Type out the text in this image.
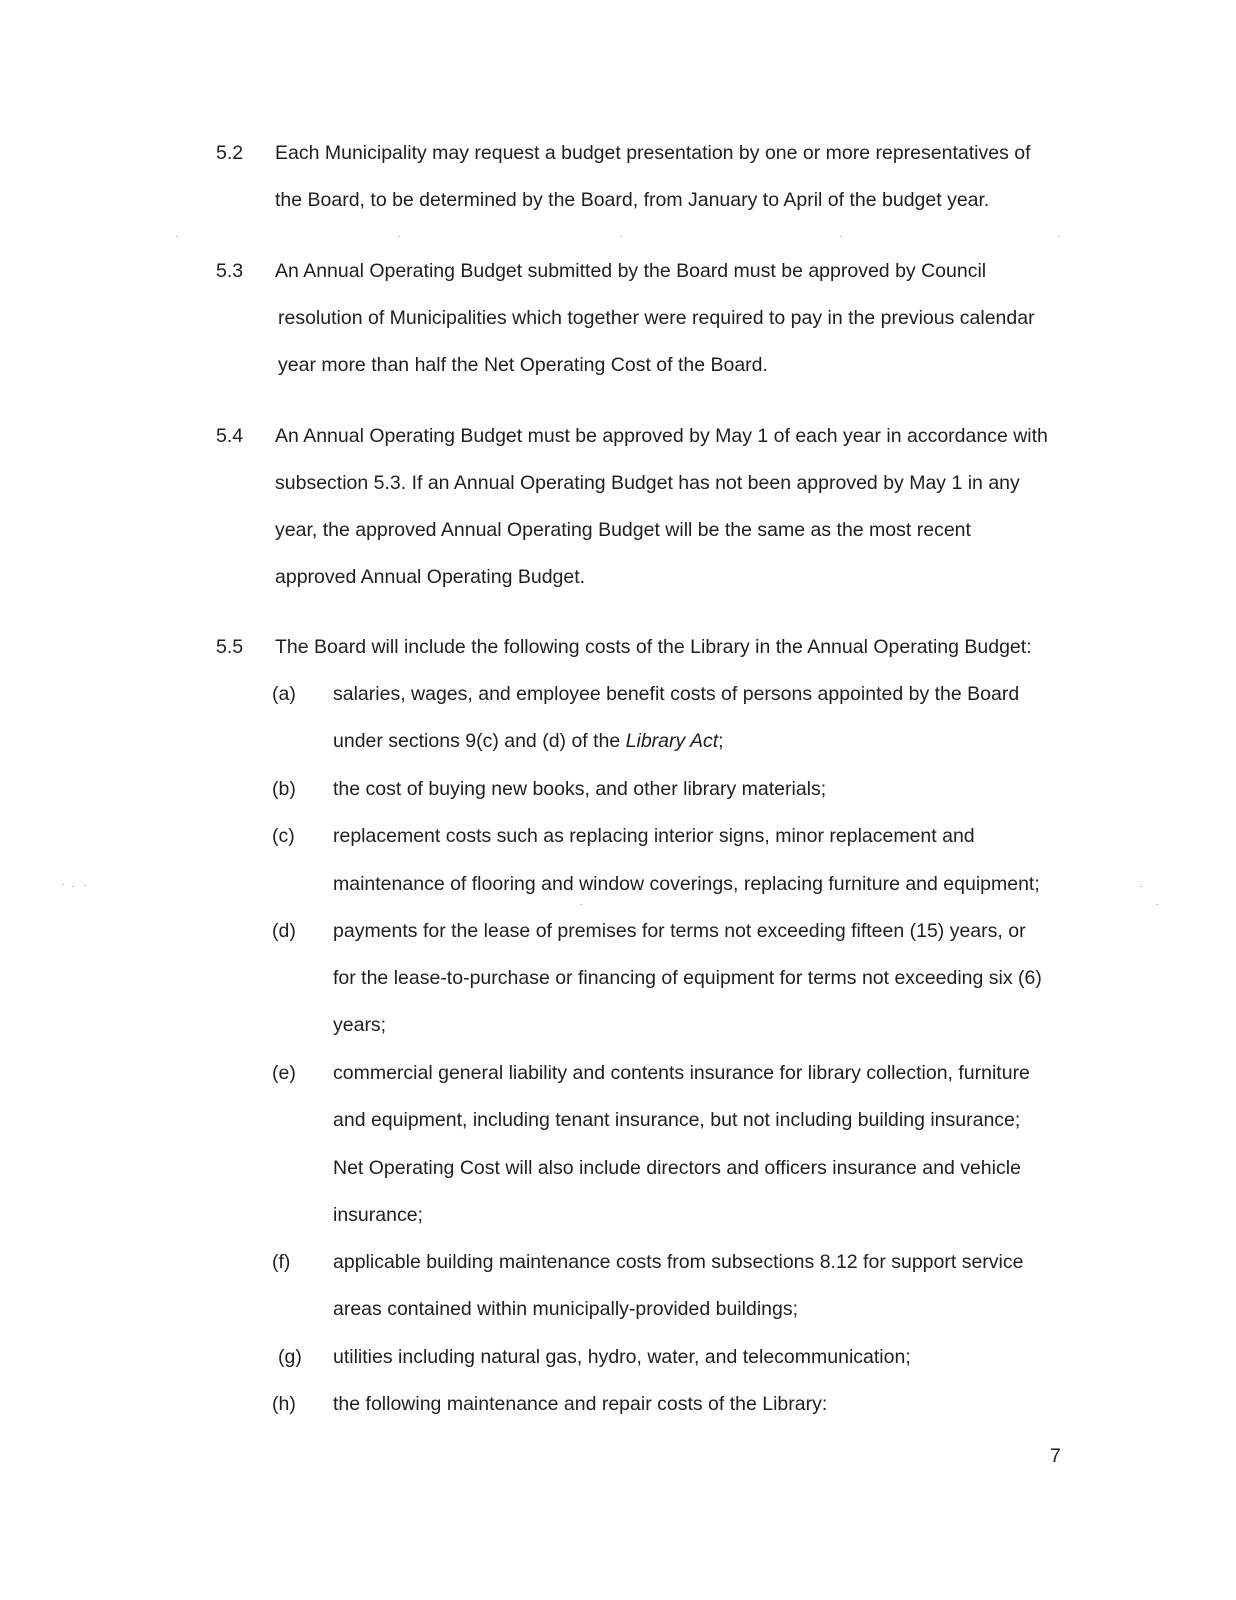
5.2 Each Municipality may request a budget presentation by one or more representatives of
the Board, to be determined by the Board, from January to April of the budget year.
5.3 An Annual Operating Budget submitted by the Board must be approved by Council
resolution of Municipalities which together were required to pay in the previous calendar
year more than half the Net Operating Cost of the Board.
5.4 An Annual Operating Budget must be approved by May 1 of each year in accordance with
subsection 5.3. If an Annual Operating Budget has not been approved by May 1 in any
year, the approved Annual Operating Budget will be the same as the most recent
approved Annual Operating Budget.
5.5 The Board will include the following costs of the Library in the Annual Operating Budget:
(a) salaries, wages, and employee benefit costs of persons appointed by the Board
under sections 9(c) and (d) of the Library Act;
(b) the cost of buying new books, and other library materials;
(c) replacement costs such as replacing interior signs, minor replacement and
maintenance of flooring and window coverings, replacing furniture and equipment;
(d) payments for the lease of premises for terms not exceeding fifteen (15) years, or
for the lease-to-purchase or financing of equipment for terms not exceeding six (6)
years;
(e) commercial general liability and contents insurance for library collection, furniture
and equipment, including tenant insurance, but not including building insurance;
Net Operating Cost will also include directors and officers insurance and vehicle
insurance;
(f) applicable building maintenance costs from subsections 8.12 for support service
areas contained within municipally-provided buildings;
(g) utilities including natural gas, hydro, water, and telecommunication;
(h) the following maintenance and repair costs of the Library:
7
